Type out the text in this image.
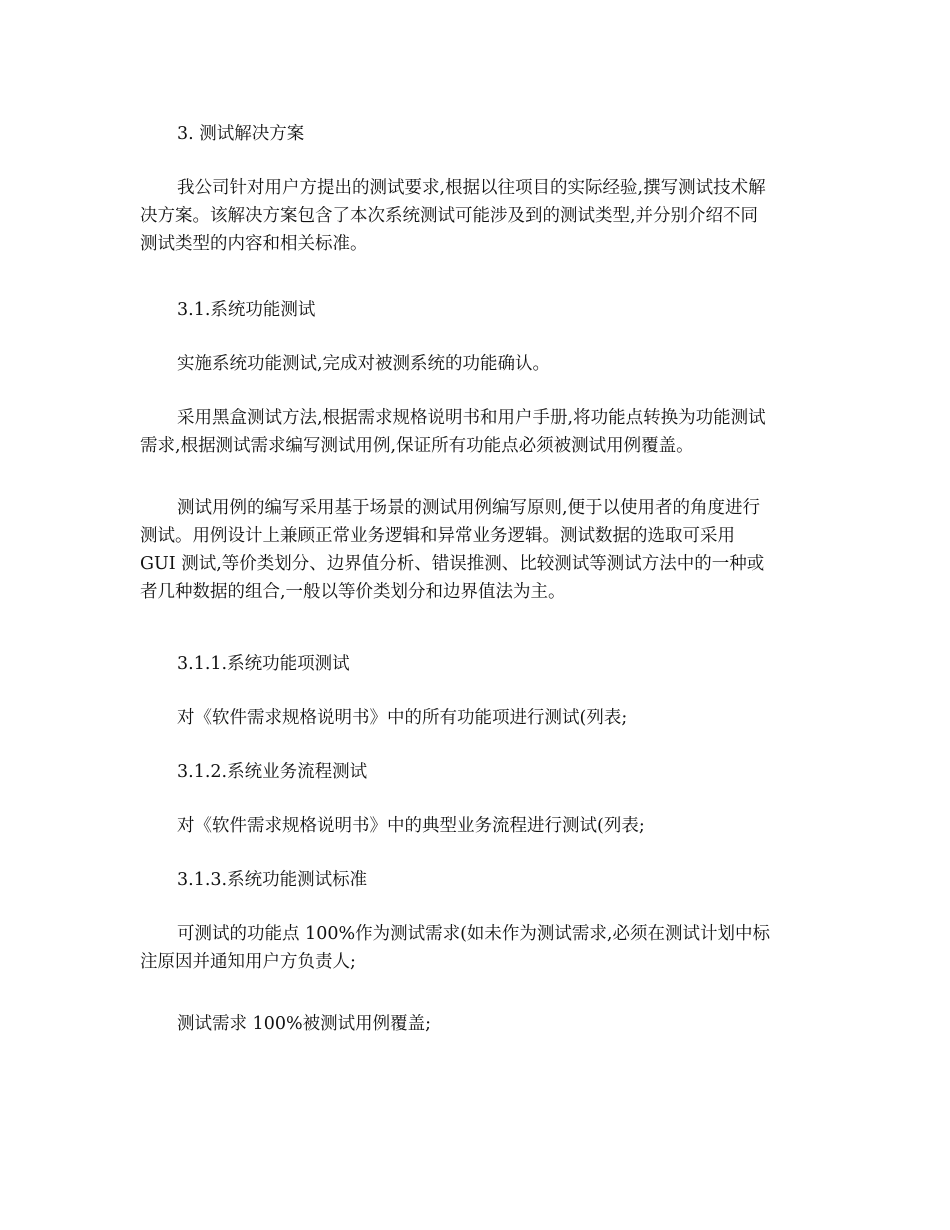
3. 测试解决方案

我公司针对用户方提出的测试要求,根据以往项目的实际经验,撰写测试技术解
决方案。该解决方案包含了本次系统测试可能涉及到的测试类型,并分别介绍不同
测试类型的内容和相关标准。

3.1.系统功能测试

实施系统功能测试,完成对被测系统的功能确认。

采用黑盒测试方法,根据需求规格说明书和用户手册,将功能点转换为功能测试
需求,根据测试需求编写测试用例,保证所有功能点必须被测试用例覆盖。
测试用例的编写采用基于场景的测试用例编写原则,便于以使用者的角度进行
测试。用例设计上兼顾正常业务逻辑和异常业务逻辑。测试数据的选取可采用
GUI 测试,等价类划分、边界值分析、错误推测、比较测试等测试方法中的一种或
者几种数据的组合,一般以等价类划分和边界值法为主。

3.1.1.系统功能项测试

对《软件需求规格说明书》中的所有功能项进行测试(列表;

3.1.2.系统业务流程测试

对《软件需求规格说明书》中的典型业务流程进行测试(列表;

3.1.3.系统功能测试标准

可测试的功能点 100%作为测试需求(如未作为测试需求,必须在测试计划中标
注原因并通知用户方负责人;

测试需求 100%被测试用例覆盖;
